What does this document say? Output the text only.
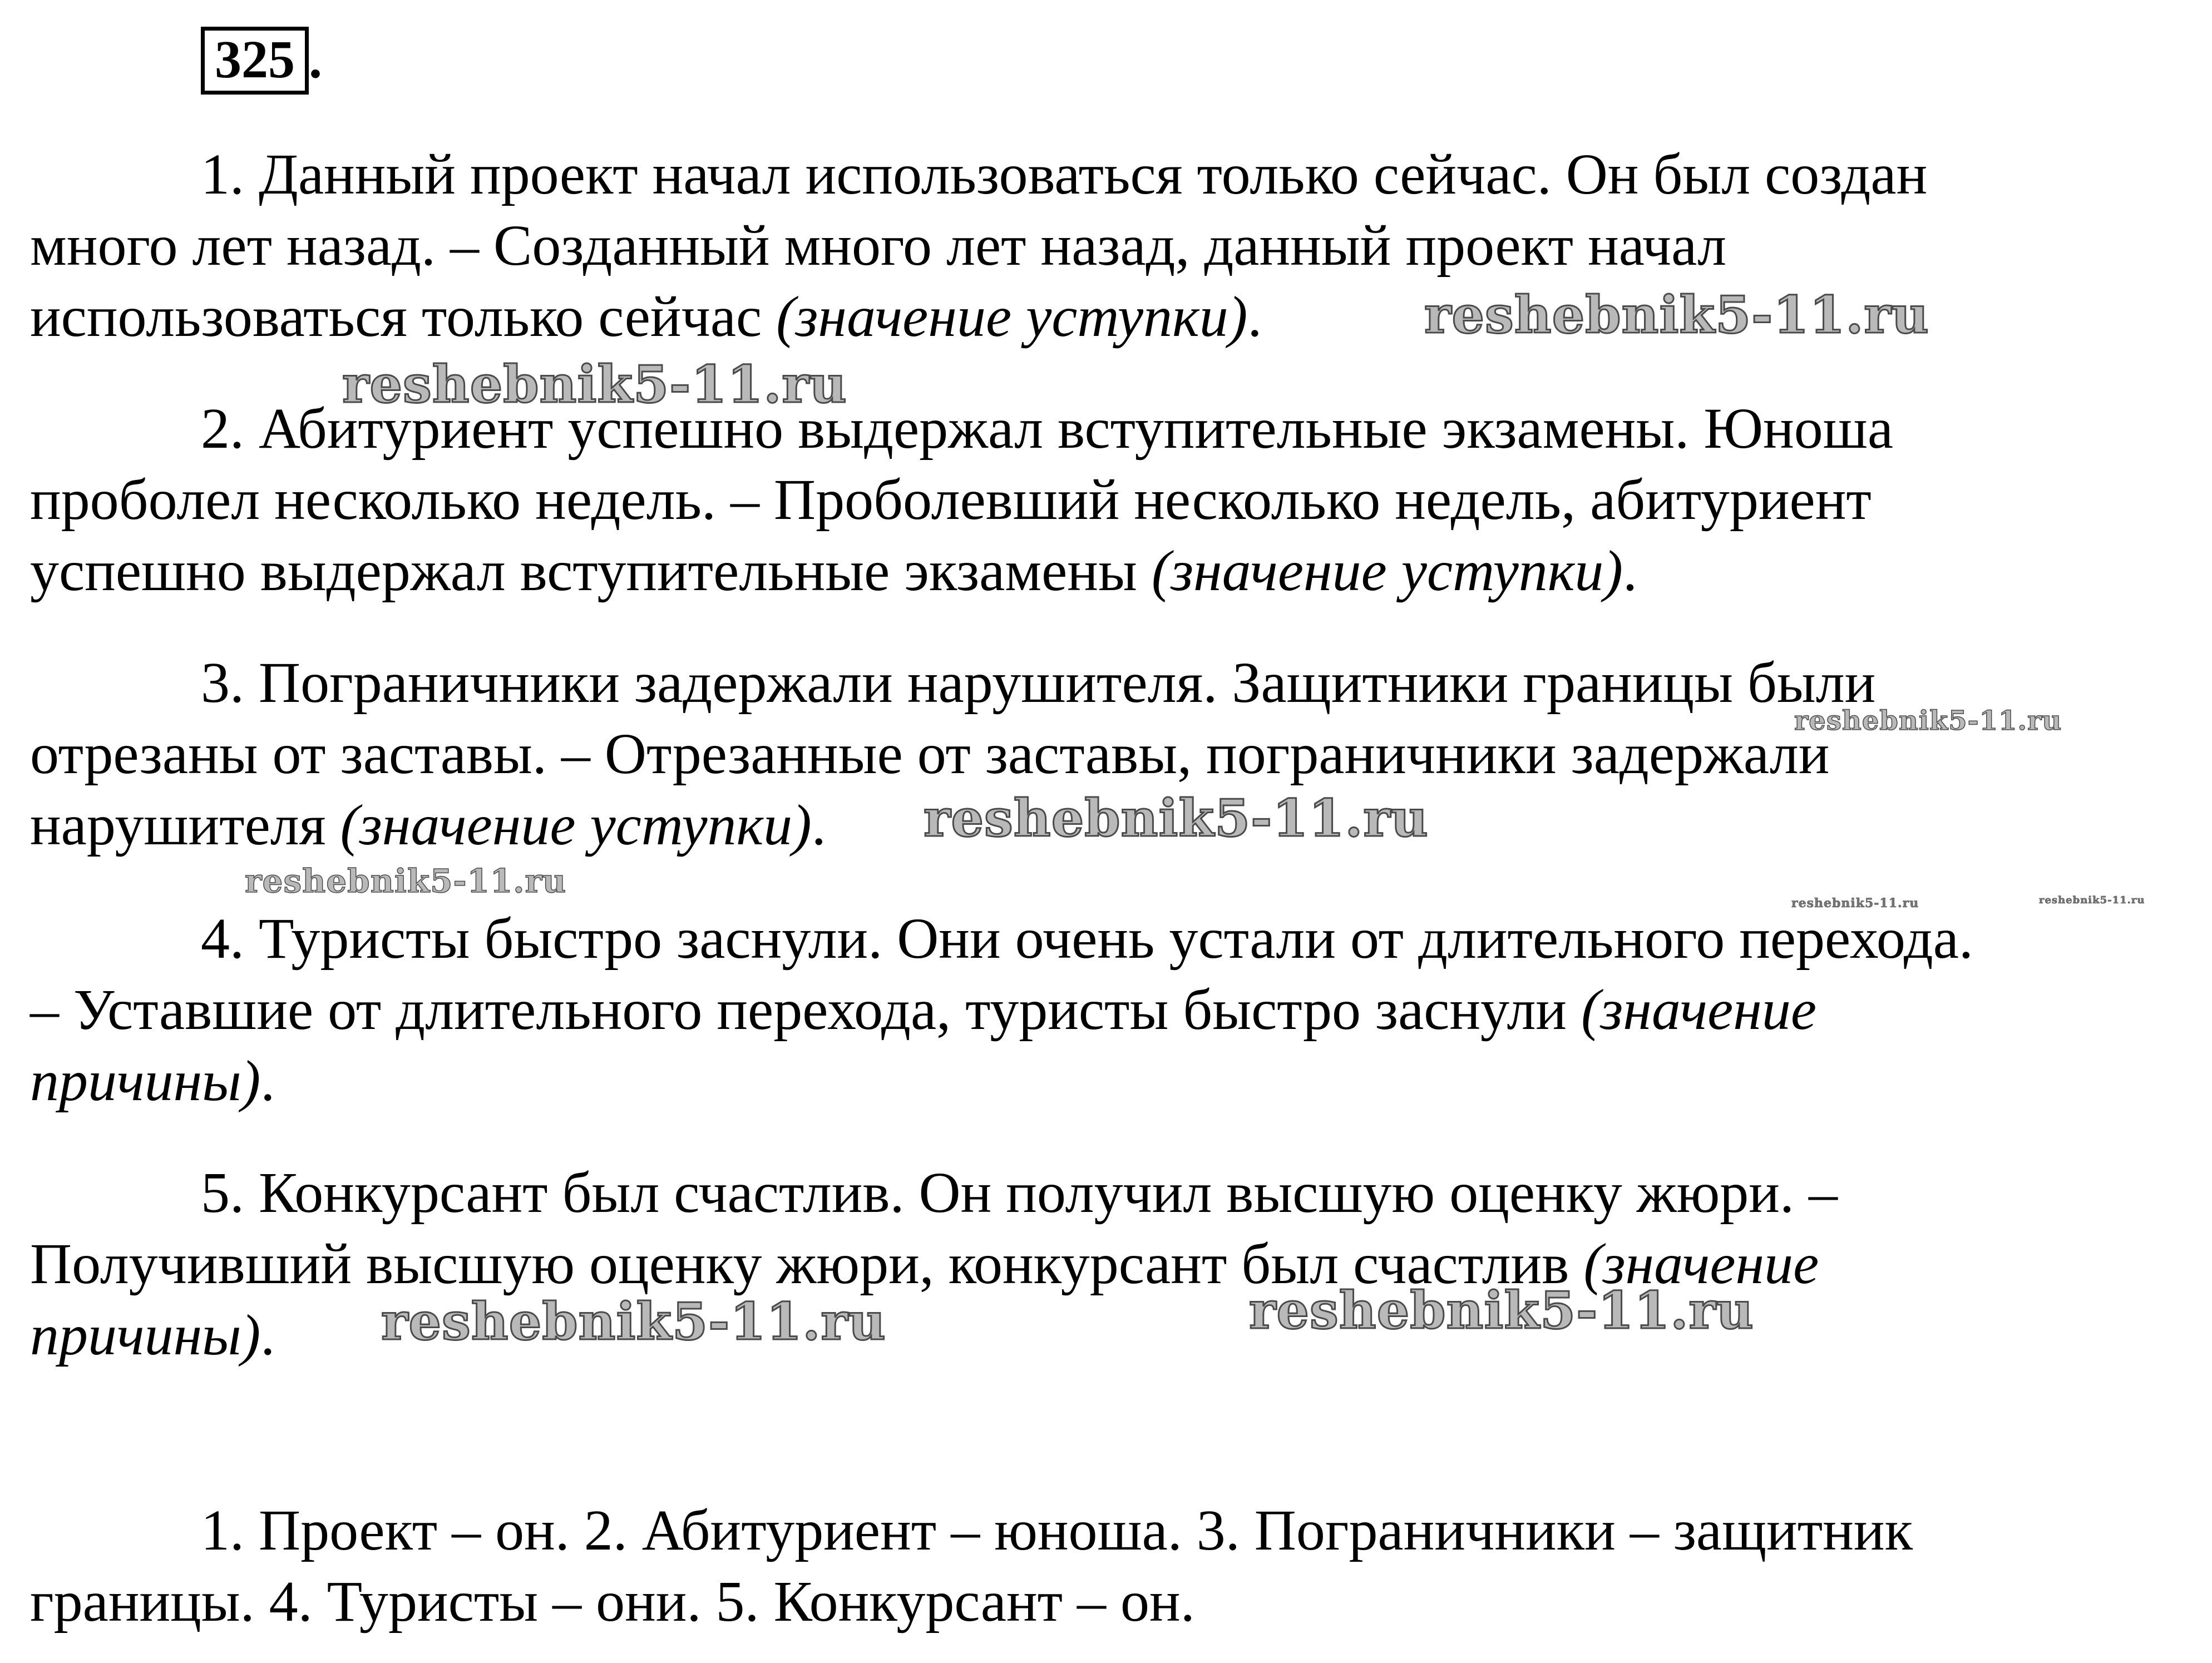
325 .
1. Данный проект начал использоваться только сейчас. Он был создан
много лет назад. – Созданный много лет назад, данный проект начал
использоваться только сейчас (значение уступки).
2. Абитуриент успешно выдержал вступительные экзамены. Юноша
проболел несколько недель. – Проболевший несколько недель, абитуриент
успешно выдержал вступительные экзамены (значение уступки).
3. Пограничники задержали нарушителя. Защитники границы были
отрезаны от заставы. – Отрезанные от заставы, пограничники задержали
нарушителя (значение уступки).
4. Туристы быстро заснули. Они очень устали от длительного перехода.
– Уставшие от длительного перехода, туристы быстро заснули (значение
причины).
5. Конкурсант был счастлив. Он получил высшую оценку жюри. –
Получивший высшую оценку жюри, конкурсант был счастлив (значение
причины).
1. Проект – он. 2. Абитуриент – юноша. 3. Пограничники – защитник
границы. 4. Туристы – они. 5. Конкурсант – он.
reshebnik5-11.ru
reshebnik5-11.ru
reshebnik5-11.ru
reshebnik5-11.ru
reshebnik5-11.ru
reshebnik5-11.ru	reshebnik5-11.ru
reshebnik5-11.ru	reshebnik5-11.ru
